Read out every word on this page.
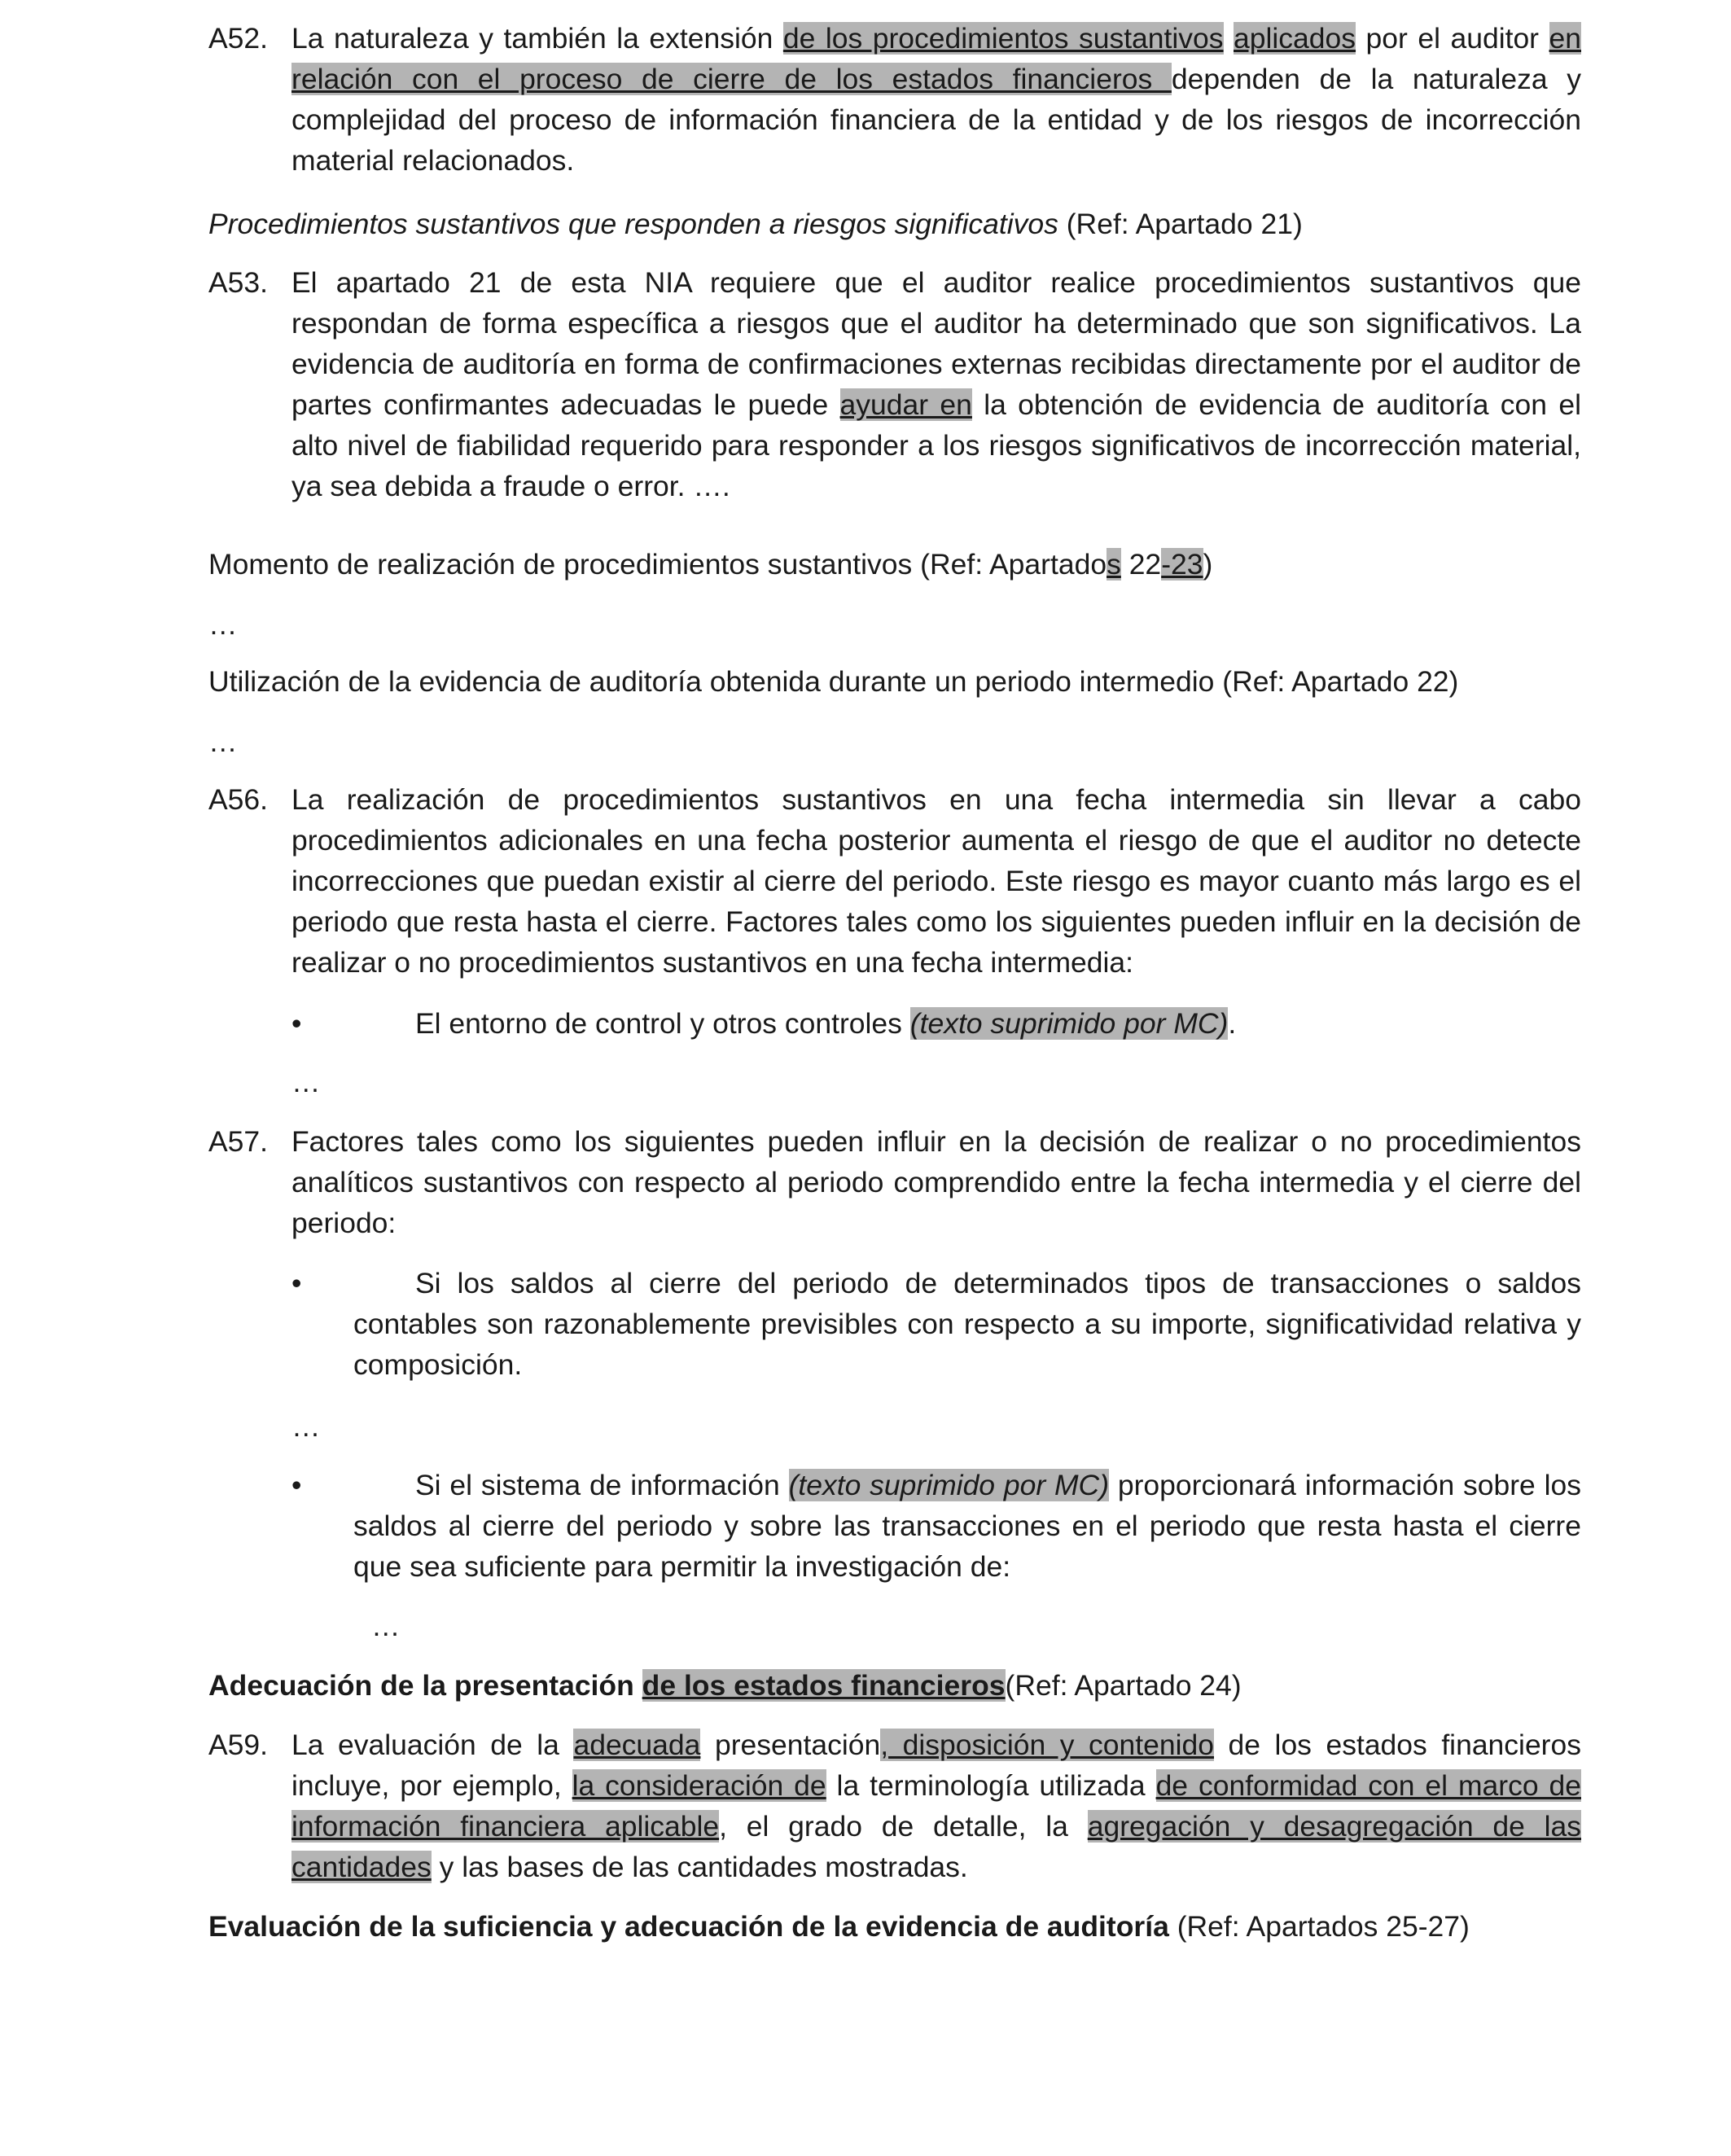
A52. La naturaleza y también la extensión de los procedimientos sustantivos aplicados por el auditor en relación con el proceso de cierre de los estados financieros dependen de la naturaleza y complejidad del proceso de información financiera de la entidad y de los riesgos de incorrección material relacionados.
Procedimientos sustantivos que responden a riesgos significativos (Ref: Apartado 21)
A53. El apartado 21 de esta NIA requiere que el auditor realice procedimientos sustantivos que respondan de forma específica a riesgos que el auditor ha determinado que son significativos. La evidencia de auditoría en forma de confirmaciones externas recibidas directamente por el auditor de partes confirmantes adecuadas le puede ayudar en la obtención de evidencia de auditoría con el alto nivel de fiabilidad requerido para responder a los riesgos significativos de incorrección material, ya sea debida a fraude o error. ….
Momento de realización de procedimientos sustantivos (Ref: Apartados 22-23)
…
Utilización de la evidencia de auditoría obtenida durante un periodo intermedio (Ref: Apartado 22)
…
A56. La realización de procedimientos sustantivos en una fecha intermedia sin llevar a cabo procedimientos adicionales en una fecha posterior aumenta el riesgo de que el auditor no detecte incorrecciones que puedan existir al cierre del periodo. Este riesgo es mayor cuanto más largo es el periodo que resta hasta el cierre. Factores tales como los siguientes pueden influir en la decisión de realizar o no procedimientos sustantivos en una fecha intermedia:
•	El entorno de control y otros controles (texto suprimido por MC).
…
A57. Factores tales como los siguientes pueden influir en la decisión de realizar o no procedimientos analíticos sustantivos con respecto al periodo comprendido entre la fecha intermedia y el cierre del periodo:
•	Si los saldos al cierre del periodo de determinados tipos de transacciones o saldos contables son razonablemente previsibles con respecto a su importe, significatividad relativa y composición.
…
•	Si el sistema de información (texto suprimido por MC) proporcionará información sobre los saldos al cierre del periodo y sobre las transacciones en el periodo que resta hasta el cierre que sea suficiente para permitir la investigación de:
…
Adecuación de la presentación de los estados financieros(Ref: Apartado 24)
A59. La evaluación de la adecuada presentación, disposición y contenido de los estados financieros incluye, por ejemplo, la consideración de la terminología utilizada de conformidad con el marco de información financiera aplicable, el grado de detalle, la agregación y desagregación de las cantidades y las bases de las cantidades mostradas.
Evaluación de la suficiencia y adecuación de la evidencia de auditoría (Ref: Apartados 25-27)
